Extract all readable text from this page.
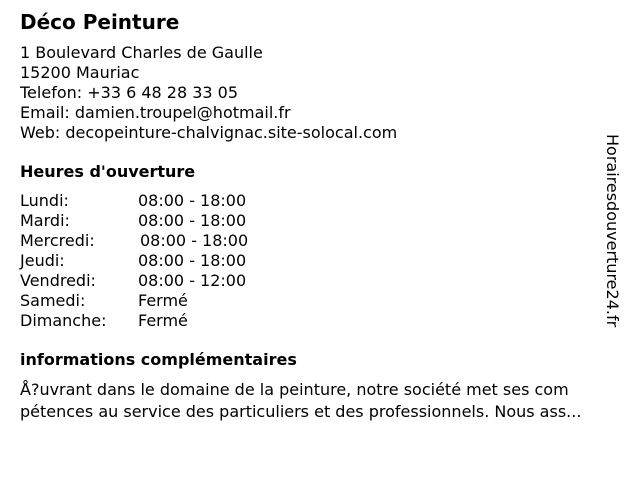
Déco Peinture
1 Boulevard Charles de Gaulle
15200 Mauriac
Telefon: +33 6 48 28 33 05
Email: damien.troupel@hotmail.fr
Web: decopeinture-chalvignac.site-solocal.com
Heures d'ouverture
Lundi:	08:00 - 18:00
Mardi:	08:00 - 18:00
Mercredi:	08:00 - 18:00
Jeudi:	08:00 - 18:00
Vendredi:	08:00 - 12:00
Samedi:	Fermé
Dimanche: Fermé
informations complémentaires
Å?uvrant dans le domaine de la peinture, notre société met ses com
pétences au service des particuliers et des professionnels. Nous ass...
Horairesdouverture24.fr
